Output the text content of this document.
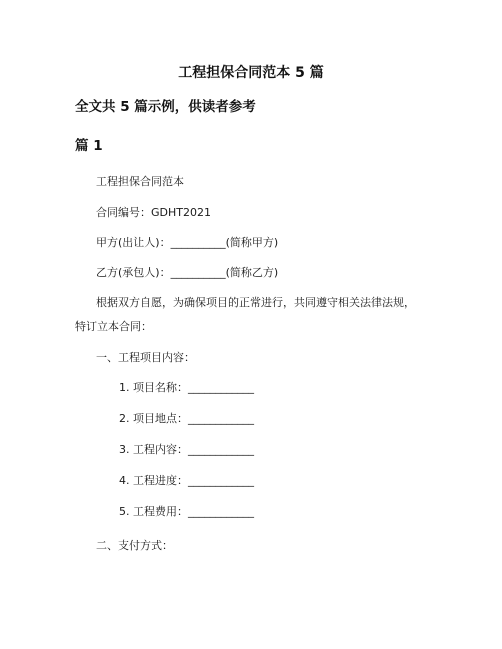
工程担保合同范本 5 篇
全文共 5 篇示例，供读者参考
篇 1
工程担保合同范本
合同编号：GDHT2021
甲方(出让人)：__________(简称甲方)
乙方(承包人)：__________(简称乙方)
根据双方自愿，为确保项目的正常进行，共同遵守相关法律法规，
特订立本合同：
一、工程项目内容：
1. 项目名称：____________
2. 项目地点：____________
3. 工程内容：____________
4. 工程进度：____________
5. 工程费用：____________
二、支付方式：
